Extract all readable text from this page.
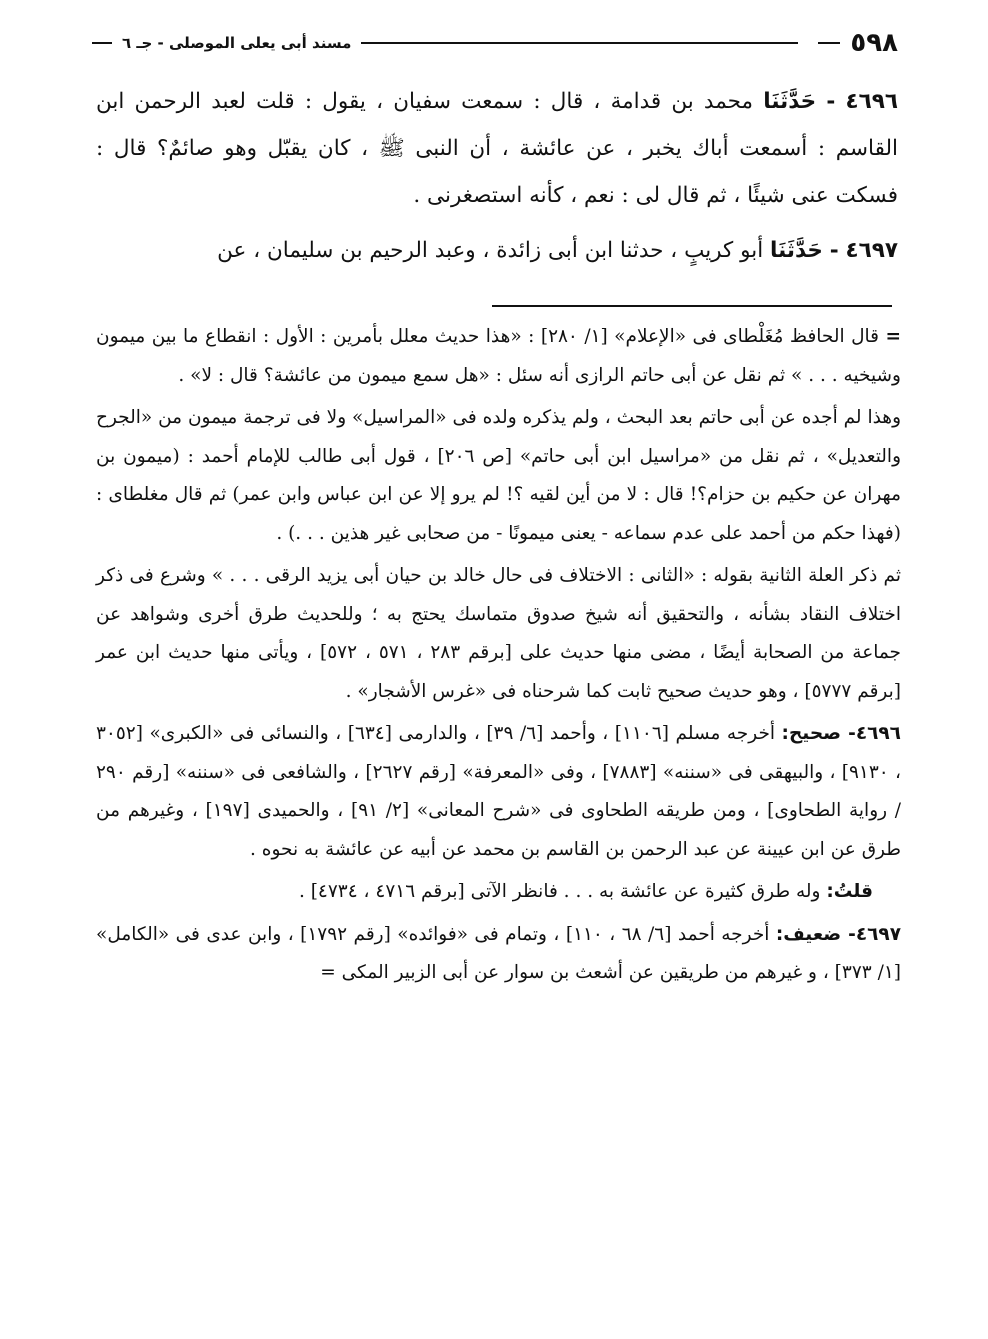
٥٩٨
مسند أبى يعلى الموصلى - جـ ٦

٤٦٩٦ - حَدَّثَنَا محمد بن قدامة ، قال : سمعت سفيان ، يقول : قلت لعبد الرحمن ابن القاسم : أسمعت أباك يخبر ، عن عائشة ، أن النبى ﷺ ، كان يقبّل وهو صائمٌ؟ قال : فسكت عنى شيئًا ، ثم قال لى : نعم ، كأنه استصغرنى .

٤٦٩٧ - حَدَّثَنَا أبو كريبٍ ، حدثنا ابن أبى زائدة ، وعبد الرحيم بن سليمان ، عن

= قال الحافظ مُغَلْطاى فى «الإعلام» [١/ ٢٨٠] : «هذا حديث معلل بأمرين : الأول : انقطاع ما بين ميمون وشيخيه . . . » ثم نقل عن أبى حاتم الرازى أنه سئل : «هل سمع ميمون من عائشة؟ قال : لا» .

وهذا لم أجده عن أبى حاتم بعد البحث ، ولم يذكره ولده فى «المراسيل» ولا فى ترجمة ميمون من «الجرح والتعديل» ، ثم نقل من «مراسيل ابن أبى حاتم» [ص ٢٠٦] ، قول أبى طالب للإمام أحمد : (ميمون بن مهران عن حكيم بن حزام؟! قال : لا من أين لقيه ؟! لم يرو إلا عن ابن عباس وابن عمر) ثم قال مغلطاى : (فهذا حكم من أحمد على عدم سماعه - يعنى ميمونًا - من صحابى غير هذين . . .) .

ثم ذكر العلة الثانية بقوله : «الثانى : الاختلاف فى حال خالد بن حيان أبى يزيد الرقى . . . » وشرع فى ذكر اختلاف النقاد بشأنه ، والتحقيق أنه شيخ صدوق متماسك يحتج به ؛ وللحديث طرق أخرى وشواهد عن جماعة من الصحابة أيضًا ، مضى منها حديث على [برقم ٢٨٣ ، ٥٧١ ، ٥٧٢] ، ويأتى منها حديث ابن عمر [برقم ٥٧٧٧] ، وهو حديث صحيح ثابت كما شرحناه فى «غرس الأشجار» .

٤٦٩٦- صحيح: أخرجه مسلم [١١٠٦] ، وأحمد [٦/ ٣٩] ، والدارمى [٦٣٤] ، والنسائى فى «الكبرى» [٣٠٥٢ ، ٩١٣٠] ، والبيهقى فى «سننه» [٧٨٨٣] ، وفى «المعرفة» [رقم ٢٦٢٧] ، والشافعى فى «سننه» [رقم ٢٩٠ / رواية الطحاوى] ، ومن طريقه الطحاوى فى «شرح المعانى» [٢/ ٩١] ، والحميدى [١٩٧] ، وغيرهم من طرق عن ابن عيينة عن عبد الرحمن بن القاسم بن محمد عن أبيه عن عائشة به نحوه .

قلتُ: وله طرق كثيرة عن عائشة به . . . فانظر الآتى [برقم ٤٧١٦ ، ٤٧٣٤] .

٤٦٩٧- ضعيف: أخرجه أحمد [٦/ ٦٨ ، ١١٠] ، وتمام فى «فوائده» [رقم ١٧٩٢] ، وابن عدى فى «الكامل» [١/ ٣٧٣] ، و غيرهم من طريقين عن أشعث بن سوار عن أبى الزبير المكى =
